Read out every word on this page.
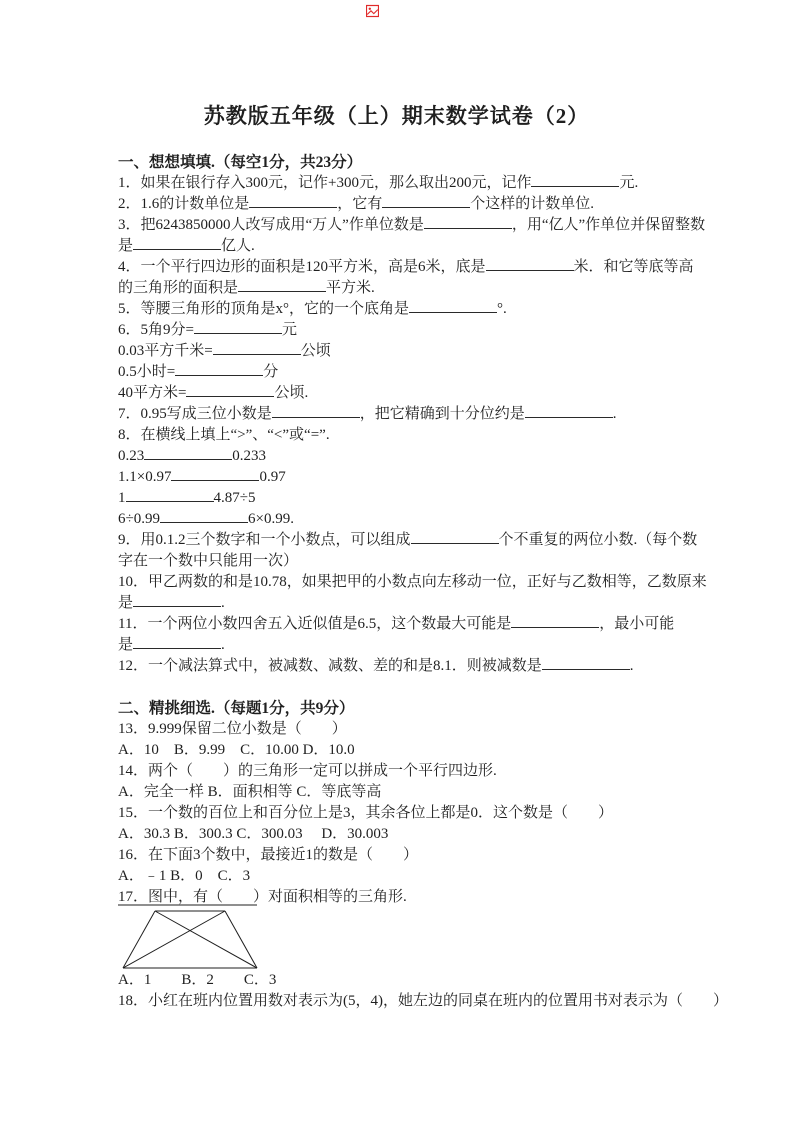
苏教版五年级（上）期末数学试卷（2）

一、想想填填.（每空1分，共23分）

1．如果在银行存入300元，记作+300元，那么取出200元，记作	元.

2．1.6的计数单位是	，它有	个这样的计数单位.

3．把6243850000人改写成用“万人”作单位数是	，用“亿人”作单位并保留整数

是	亿人.

4．一个平行四边形的面积是120平方米，高是6米，底是	米．和它等底等高

的三角形的面积是	平方米.

5．等腰三角形的顶角是x°，它的一个底角是	°.

6．5角9分=	元

0.03平方千米=	公顷

0.5小时=	分

40平方米=	公顷.

7．0.95写成三位小数是	，把它精确到十分位约是	.

8．在横线上填上“>”、“<”或“=”.

0.23	0.233

1.1×0.97	0.97

1	4.87÷5

6÷0.99	6×0.99.

9．用0.1.2三个数字和一个小数点，可以组成	个不重复的两位小数.（每个数

字在一个数中只能用一次）

10．甲乙两数的和是10.78，如果把甲的小数点向左移动一位，正好与乙数相等，乙数原来

是	.

11．一个两位小数四舍五入近似值是6.5，这个数最大可能是	，最小可能

是	.

12．一个减法算式中，被减数、减数、差的和是8.1．则被减数是	.

二、精挑细选.（每题1分，共9分）

13．9.999保留二位小数是（　　）

A．10　B．9.99　C．10.00 D．10.0

14．两个（　　）的三角形一定可以拼成一个平行四边形.

A．完全一样 B．面积相等 C．等底等高

15．一个数的百位上和百分位上是3，其余各位上都是0．这个数是（　　）

A．30.3 B．300.3 C．300.03　 D．30.003

16．在下面3个数中，最接近1的数是（　　）

A．﹣1 B．0　C．3

17．图中，有（　　）对面积相等的三角形.

A．1　　B．2　　C．3

18．小红在班内位置用数对表示为(5，4)，她左边的同桌在班内的位置用书对表示为（　　）
